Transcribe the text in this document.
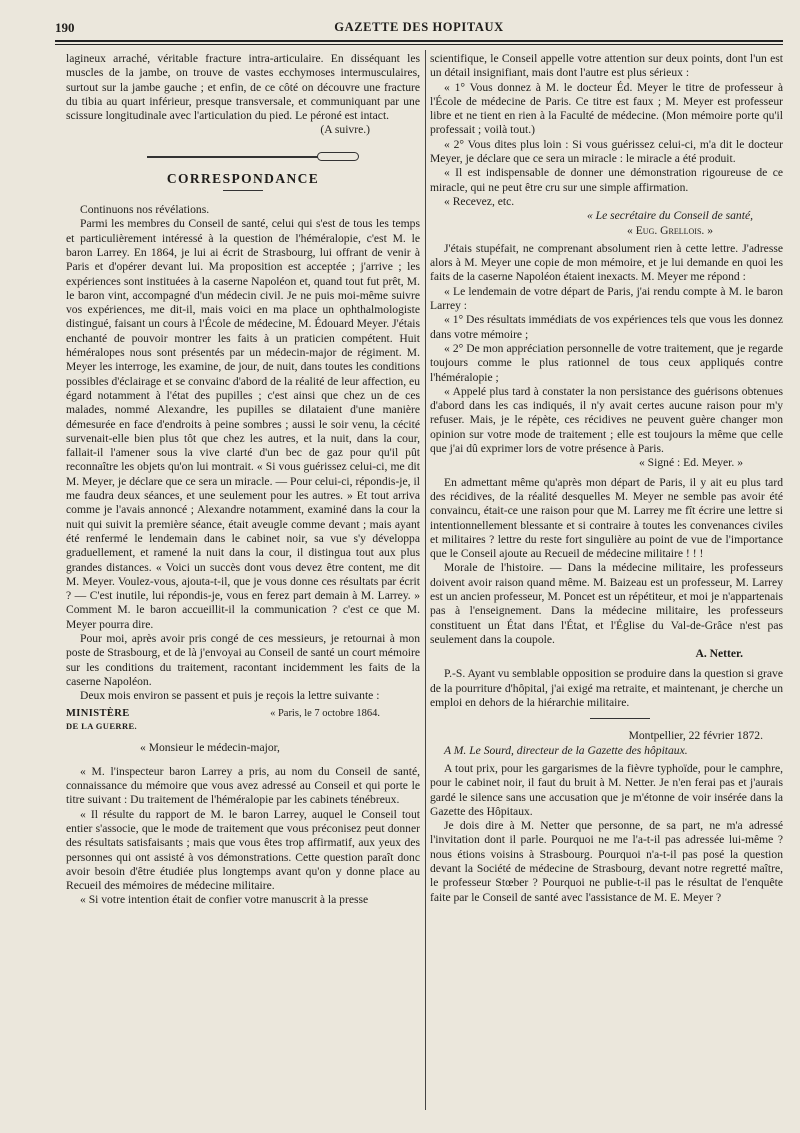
190	GAZETTE DES HOPITAUX

lagineux arraché, véritable fracture intra-articulaire. En disséquant les muscles de la jambe, on trouve de vastes ecchymoses intermusculaires, surtout sur la jambe gauche ; et enfin, de ce côté on découvre une fracture du tibia au quart inférieur, presque transversale, et communiquant par une scissure longitudinale avec l'articulation du pied. Le péroné est intact.

(A suivre.)

CORRESPONDANCE

Continuons nos révélations.

Parmi les membres du Conseil de santé, celui qui s'est de tous les temps et particulièrement intéressé à la question de l'héméralopie, c'est M. le baron Larrey. En 1864, je lui ai écrit de Strasbourg, lui offrant de venir à Paris et d'opérer devant lui. Ma proposition est acceptée ; j'arrive ; les expériences sont instituées à la caserne Napoléon et, quand tout fut prêt, M. le baron vint, accompagné d'un médecin civil. Je ne puis moi-même suivre vos expériences, me dit-il, mais voici en ma place un ophthalmologiste distingué, faisant un cours à l'École de médecine, M. Édouard Meyer. J'étais enchanté de pouvoir montrer les faits à un praticien compétent. Huit héméralopes nous sont présentés par un médecin-major de régiment. M. Meyer les interroge, les examine, de jour, de nuit, dans toutes les conditions possibles d'éclairage et se convainc d'abord de la réalité de leur affection, eu égard notamment à l'état des pupilles ; c'est ainsi que chez un de ces malades, nommé Alexandre, les pupilles se dilataient d'une manière démesurée en face d'endroits à peine sombres ; aussi le soir venu, la cécité survenait-elle bien plus tôt que chez les autres, et la nuit, dans la cour, fallait-il l'amener sous la vive clarté d'un bec de gaz pour qu'il pût reconnaître les objets qu'on lui montrait. « Si vous guérissez celui-ci, me dit M. Meyer, je déclare que ce sera un miracle. — Pour celui-ci, répondis-je, il me faudra deux séances, et une seulement pour les autres. » Et tout arriva comme je l'avais annoncé ; Alexandre notamment, examiné dans la cour la nuit qui suivit la première séance, était aveugle comme devant ; mais ayant été renfermé le lendemain dans le cabinet noir, sa vue s'y développa graduellement, et ramené la nuit dans la cour, il distingua tout aux plus grandes distances. « Voici un succès dont vous devez être content, me dit M. Meyer. Voulez-vous, ajouta-t-il, que je vous donne ces résultats par écrit ? — C'est inutile, lui répondis-je, vous en ferez part demain à M. Larrey. » Comment M. le baron accueillit-il la communication ? c'est ce que M. Meyer pourra dire.

Pour moi, après avoir pris congé de ces messieurs, je retournai à mon poste de Strasbourg, et de là j'envoyai au Conseil de santé un court mémoire sur les conditions du traitement, racontant incidemment les faits de la caserne Napoléon.

Deux mois environ se passent et puis je reçois la lettre suivante :

MINISTÈRE
DE LA GUERRE.
« Paris, le 7 octobre 1864.

« Monsieur le médecin-major,

« M. l'inspecteur baron Larrey a pris, au nom du Conseil de santé, connaissance du mémoire que vous avez adressé au Conseil et qui porte le titre suivant : Du traitement de l'héméralopie par les cabinets ténébreux.

« Il résulte du rapport de M. le baron Larrey, auquel le Conseil tout entier s'associe, que le mode de traitement que vous préconisez peut donner des résultats satisfaisants ; mais que vous êtes trop affirmatif, aux yeux des personnes qui ont assisté à vos démonstrations. Cette question paraît donc avoir besoin d'être étudiée plus longtemps avant qu'on y donne place au Recueil des mémoires de médecine militaire.

« Si votre intention était de confier votre manuscrit à la presse

scientifique, le Conseil appelle votre attention sur deux points, dont l'un est un détail insignifiant, mais dont l'autre est plus sérieux :

« 1° Vous donnez à M. le docteur Éd. Meyer le titre de professeur à l'École de médecine de Paris. Ce titre est faux ; M. Meyer est professeur libre et ne tient en rien à la Faculté de médecine. (Mon mémoire porte qu'il professait ; voilà tout.)

« 2° Vous dites plus loin : Si vous guérissez celui-ci, m'a dit le docteur Meyer, je déclare que ce sera un miracle : le miracle a été produit.

« Il est indispensable de donner une démonstration rigoureuse de ce miracle, qui ne peut être cru sur une simple affirmation.

« Recevez, etc.

« Le secrétaire du Conseil de santé,

« Eug. Grellois. »

J'étais stupéfait, ne comprenant absolument rien à cette lettre. J'adresse alors à M. Meyer une copie de mon mémoire, et je lui demande en quoi les faits de la caserne Napoléon étaient inexacts. M. Meyer me répond :

« Le lendemain de votre départ de Paris, j'ai rendu compte à M. le baron Larrey :

« 1° Des résultats immédiats de vos expériences tels que vous les donnez dans votre mémoire ;

« 2° De mon appréciation personnelle de votre traitement, que je regarde toujours comme le plus rationnel de tous ceux appliqués contre l'héméralopie ;

« Appelé plus tard à constater la non persistance des guérisons obtenues d'abord dans les cas indiqués, il n'y avait certes aucune raison pour m'y refuser. Mais, je le répète, ces récidives ne peuvent guère changer mon opinion sur votre mode de traitement ; elle est toujours la même que celle que j'ai dû exprimer lors de votre présence à Paris.

« Signé : Ed. Meyer. »

En admettant même qu'après mon départ de Paris, il y ait eu plus tard des récidives, de la réalité desquelles M. Meyer ne semble pas avoir été convaincu, était-ce une raison pour que M. Larrey me fît écrire une lettre si intentionnellement blessante et si contraire à toutes les convenances civiles et militaires ? lettre du reste fort singulière au point de vue de l'importance que le Conseil ajoute au Recueil de médecine militaire ! ! !

Morale de l'histoire. — Dans la médecine militaire, les professeurs doivent avoir raison quand même. M. Baizeau est un professeur, M. Larrey est un ancien professeur, M. Poncet est un répétiteur, et moi je n'appartenais pas à l'enseignement. Dans la médecine militaire, les professeurs constituent un État dans l'État, et l'Église du Val-de-Grâce n'est pas seulement dans la coupole.

A. Netter.

P.-S. Ayant vu semblable opposition se produire dans la question si grave de la pourriture d'hôpital, j'ai exigé ma retraite, et maintenant, je cherche un emploi en dehors de la hiérarchie militaire.

Montpellier, 22 février 1872.

A M. Le Sourd, directeur de la Gazette des hôpitaux.

A tout prix, pour les gargarismes de la fièvre typhoïde, pour le camphre, pour le cabinet noir, il faut du bruit à M. Netter. Je n'en ferai pas et j'aurais gardé le silence sans une accusation que je m'étonne de voir insérée dans la Gazette des Hôpitaux.

Je dois dire à M. Netter que personne, de sa part, ne m'a adressé l'invitation dont il parle. Pourquoi ne me l'a-t-il pas adressée lui-même ? nous étions voisins à Strasbourg. Pourquoi n'a-t-il pas posé la question devant la Société de médecine de Strasbourg, devant notre regretté maître, le professeur Stœber ? Pourquoi ne publie-t-il pas le résultat de l'enquête faite par le Conseil de santé avec l'assistance de M. E. Meyer ?
